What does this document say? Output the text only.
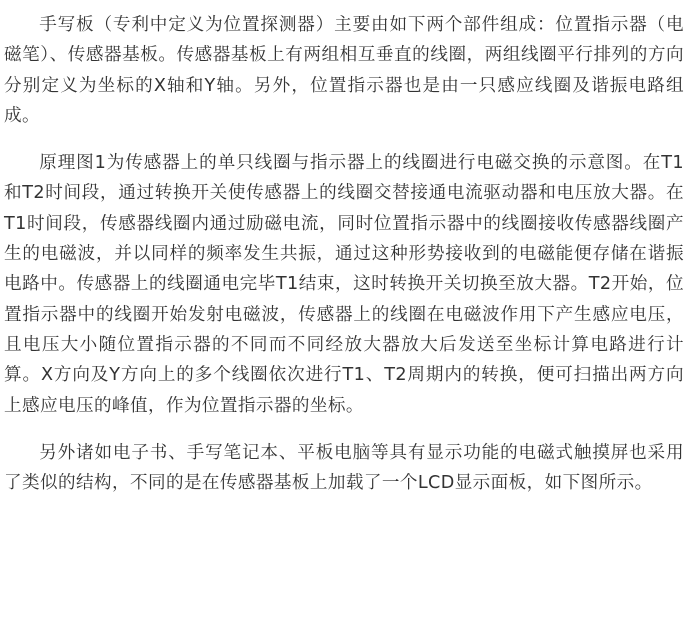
手写板（专利中定义为位置探测器）主要由如下两个部件组成：位置指示器（电磁笔）、传感器基板。传感器基板上有两组相互垂直的线圈，两组线圈平行排列的方向分别定义为坐标的X轴和Y轴。另外，位置指示器也是由一只感应线圈及谐振电路组成。

原理图1为传感器上的单只线圈与指示器上的线圈进行电磁交换的示意图。在T1和T2时间段，通过转换开关使传感器上的线圈交替接通电流驱动器和电压放大器。在T1时间段，传感器线圈内通过励磁电流，同时位置指示器中的线圈接收传感器线圈产生的电磁波，并以同样的频率发生共振，通过这种形势接收到的电磁能便存储在谐振电路中。传感器上的线圈通电完毕T1结束，这时转换开关切换至放大器。T2开始，位置指示器中的线圈开始发射电磁波，传感器上的线圈在电磁波作用下产生感应电压，且电压大小随位置指示器的不同而不同经放大器放大后发送至坐标计算电路进行计算。X方向及Y方向上的多个线圈依次进行T1、T2周期内的转换，便可扫描出两方向上感应电压的峰值，作为位置指示器的坐标。

另外诸如电子书、手写笔记本、平板电脑等具有显示功能的电磁式触摸屏也采用了类似的结构，不同的是在传感器基板上加载了一个LCD显示面板，如下图所示。
